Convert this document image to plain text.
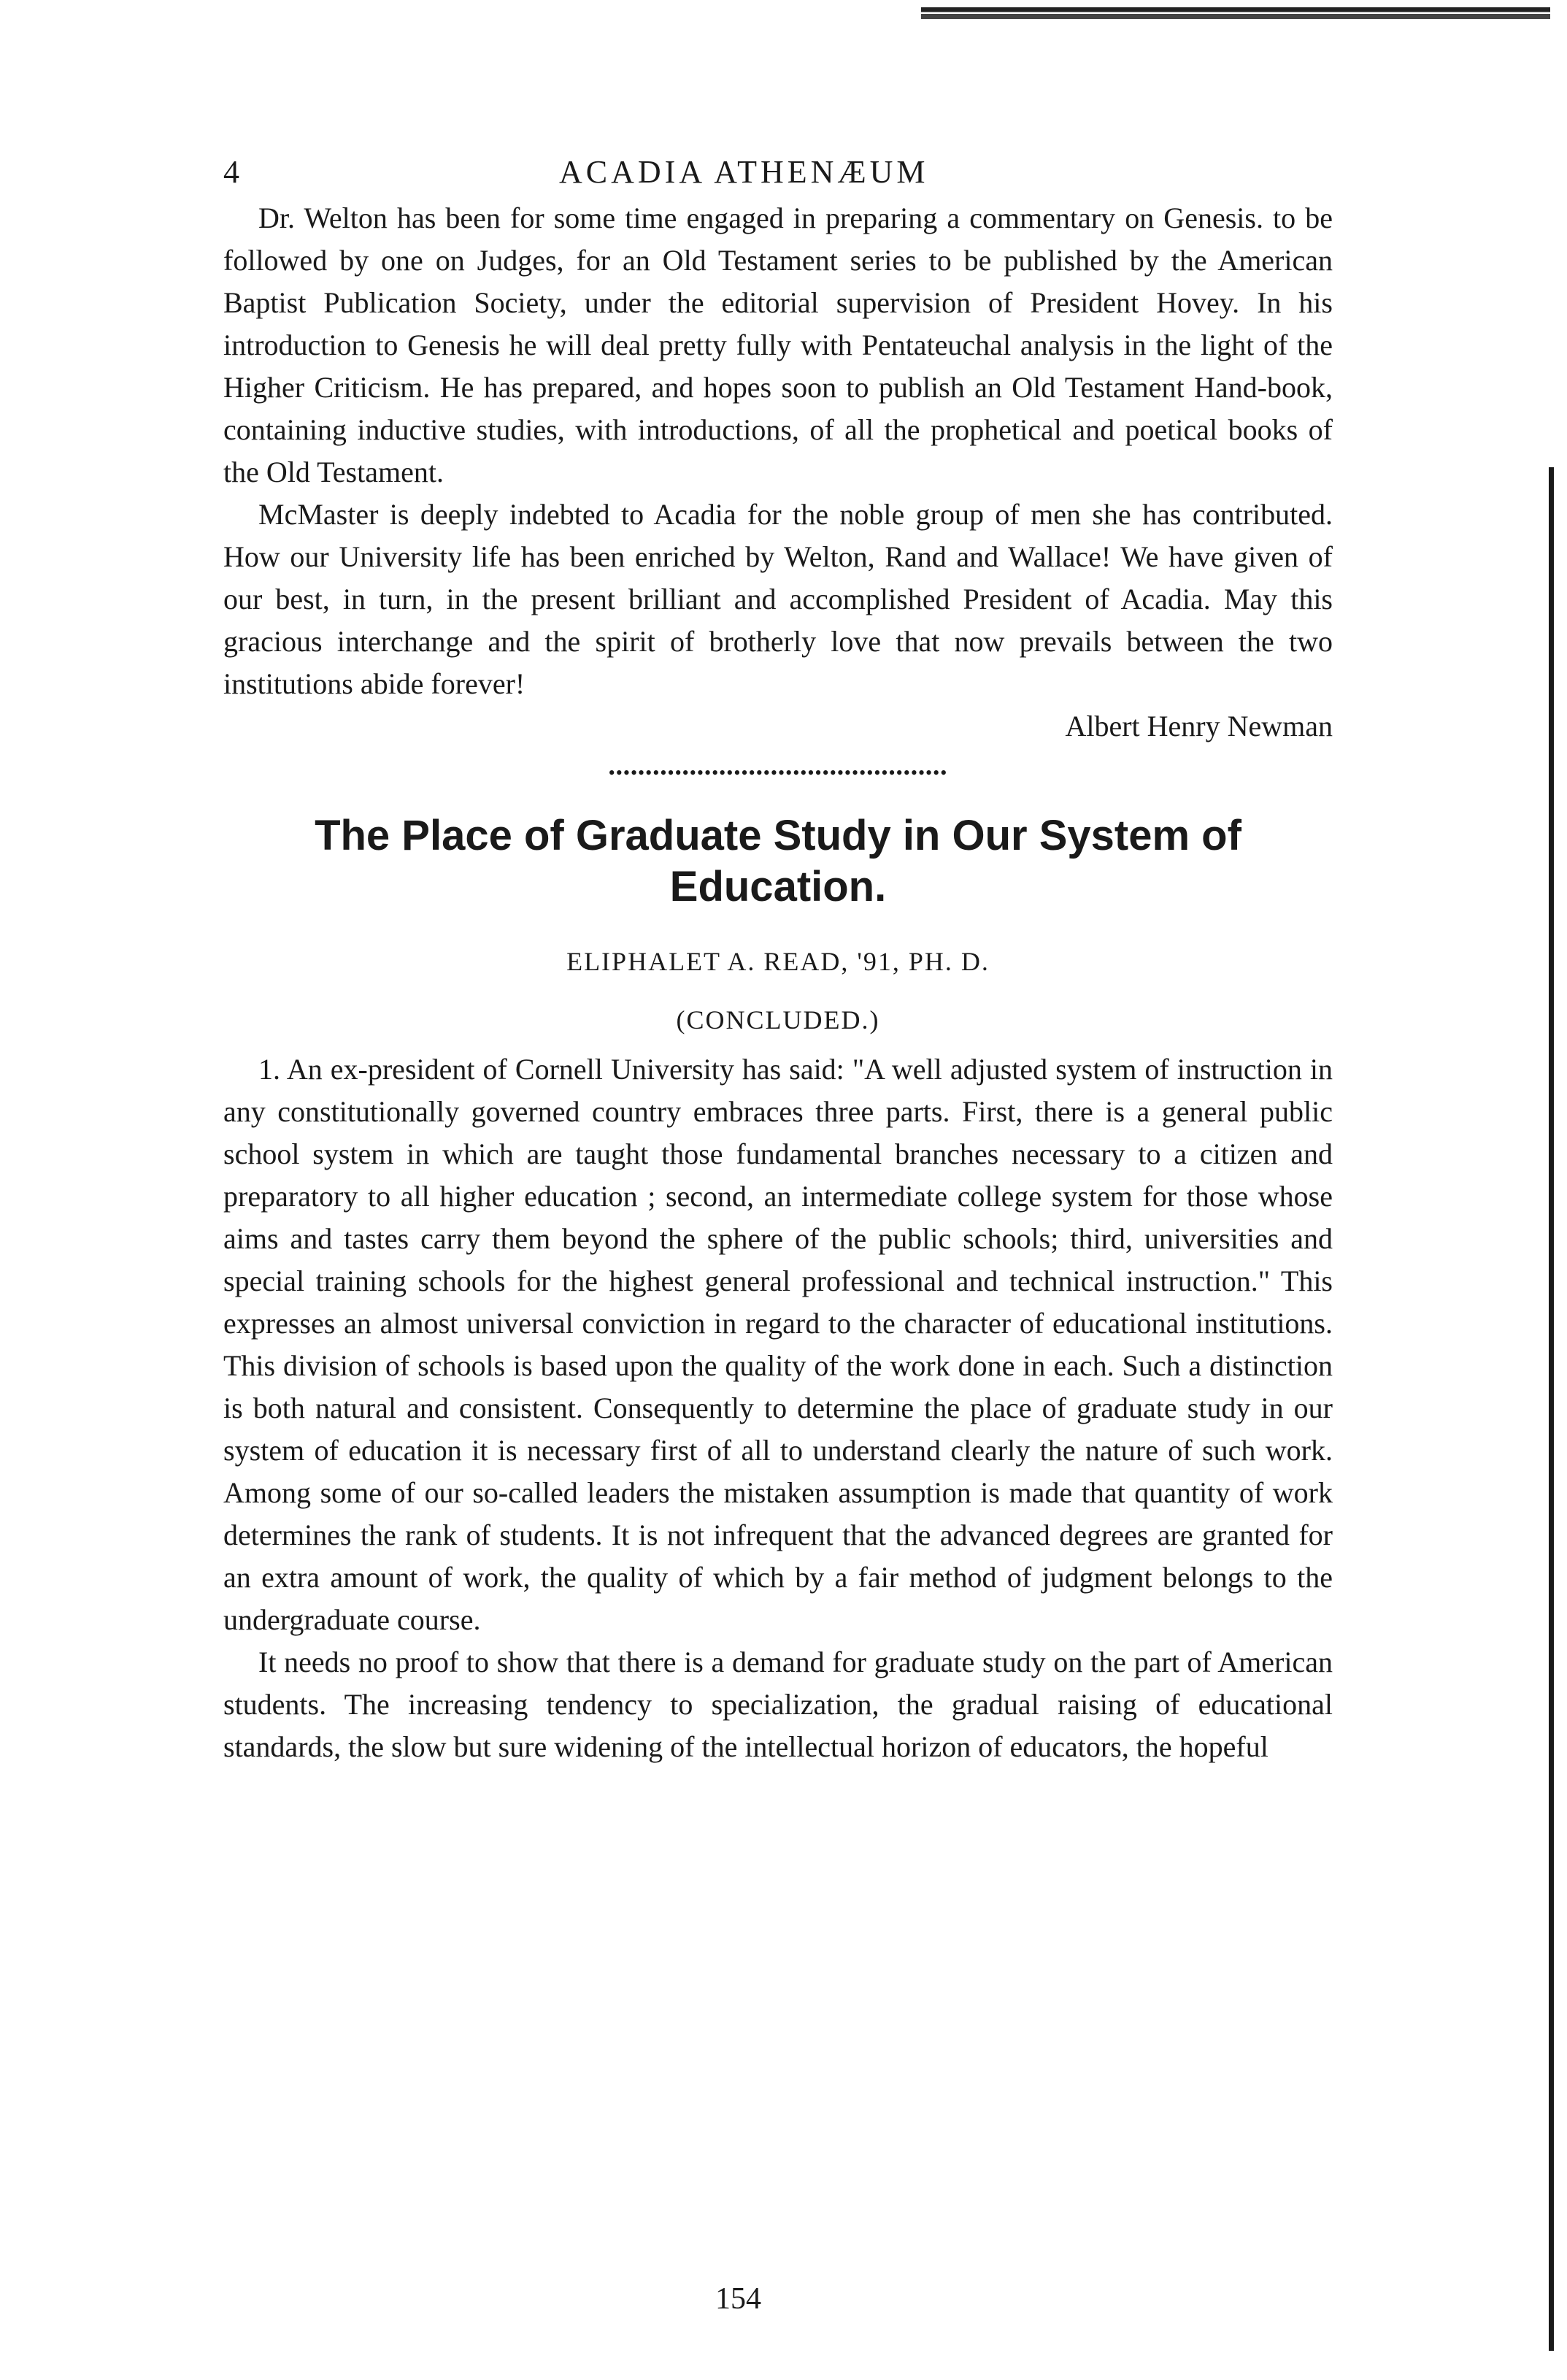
4	ACADIA ATHENÆUM

Dr. Welton has been for some time engaged in preparing a commentary on Genesis. to be followed by one on Judges, for an Old Testament series to be published by the American Baptist Publication Society, under the editorial supervision of President Hovey. In his introduction to Genesis he will deal pretty fully with Pentateuchal analysis in the light of the Higher Criticism. He has prepared, and hopes soon to publish an Old Testament Hand-book, containing inductive studies, with introductions, of all the prophetical and poetical books of the Old Testament.

McMaster is deeply indebted to Acadia for the noble group of men she has contributed. How our University life has been enriched by Welton, Rand and Wallace! We have given of our best, in turn, in the present brilliant and accomplished President of Acadia. May this gracious interchange and the spirit of brotherly love that now prevails between the two institutions abide forever!

Albert Henry Newman

••••••••••••••••••••••••••••••••••••••••••••••
The Place of Graduate Study in Our System of Education.

ELIPHALET A. READ, '91, PH. D.

(CONCLUDED.)

1. An ex-president of Cornell University has said: "A well adjusted system of instruction in any constitutionally governed country embraces three parts. First, there is a general public school system in which are taught those fundamental branches necessary to a citizen and preparatory to all higher education ; second, an intermediate college system for those whose aims and tastes carry them beyond the sphere of the public schools; third, universities and special training schools for the highest general professional and technical instruction." This expresses an almost universal conviction in regard to the character of educational institutions. This division of schools is based upon the quality of the work done in each. Such a distinction is both natural and consistent. Consequently to determine the place of graduate study in our system of education it is necessary first of all to understand clearly the nature of such work. Among some of our so-called leaders the mistaken assumption is made that quantity of work determines the rank of students. It is not infrequent that the advanced degrees are granted for an extra amount of work, the quality of which by a fair method of judgment belongs to the undergraduate course.

It needs no proof to show that there is a demand for graduate study on the part of American students. The increasing tendency to specialization, the gradual raising of educational standards, the slow but sure widening of the intellectual horizon of educators, the hopeful

154
